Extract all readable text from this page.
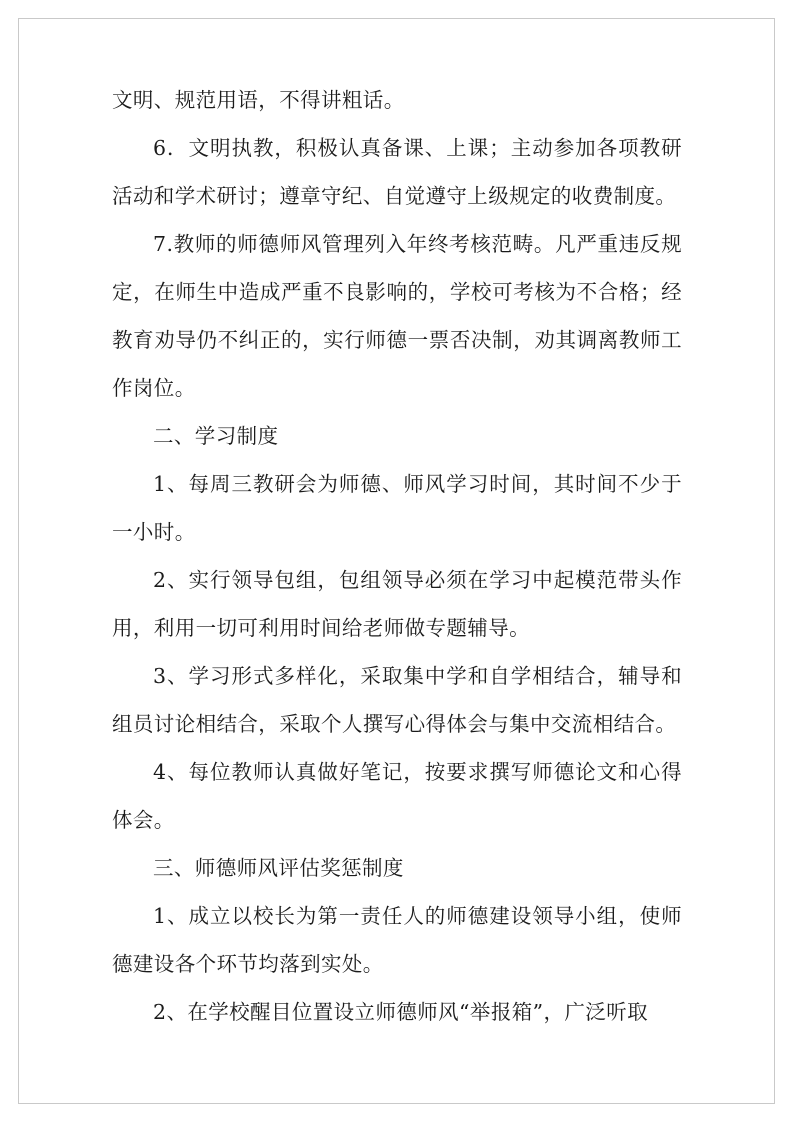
文明、规范用语，不得讲粗话。

6．文明执教，积极认真备课、上课；主动参加各项教研活动和学术研讨；遵章守纪、自觉遵守上级规定的收费制度。

7.教师的师德师风管理列入年终考核范畴。凡严重违反规定，在师生中造成严重不良影响的，学校可考核为不合格；经教育劝导仍不纠正的，实行师德一票否决制，劝其调离教师工作岗位。

二、学习制度

1、每周三教研会为师德、师风学习时间，其时间不少于一小时。

2、实行领导包组，包组领导必须在学习中起模范带头作用，利用一切可利用时间给老师做专题辅导。

3、学习形式多样化，采取集中学和自学相结合，辅导和组员讨论相结合，采取个人撰写心得体会与集中交流相结合。

4、每位教师认真做好笔记，按要求撰写师德论文和心得体会。

三、师德师风评估奖惩制度

1、成立以校长为第一责任人的师德建设领导小组，使师德建设各个环节均落到实处。

2、在学校醒目位置设立师德师风“举报箱”，广泛听取
